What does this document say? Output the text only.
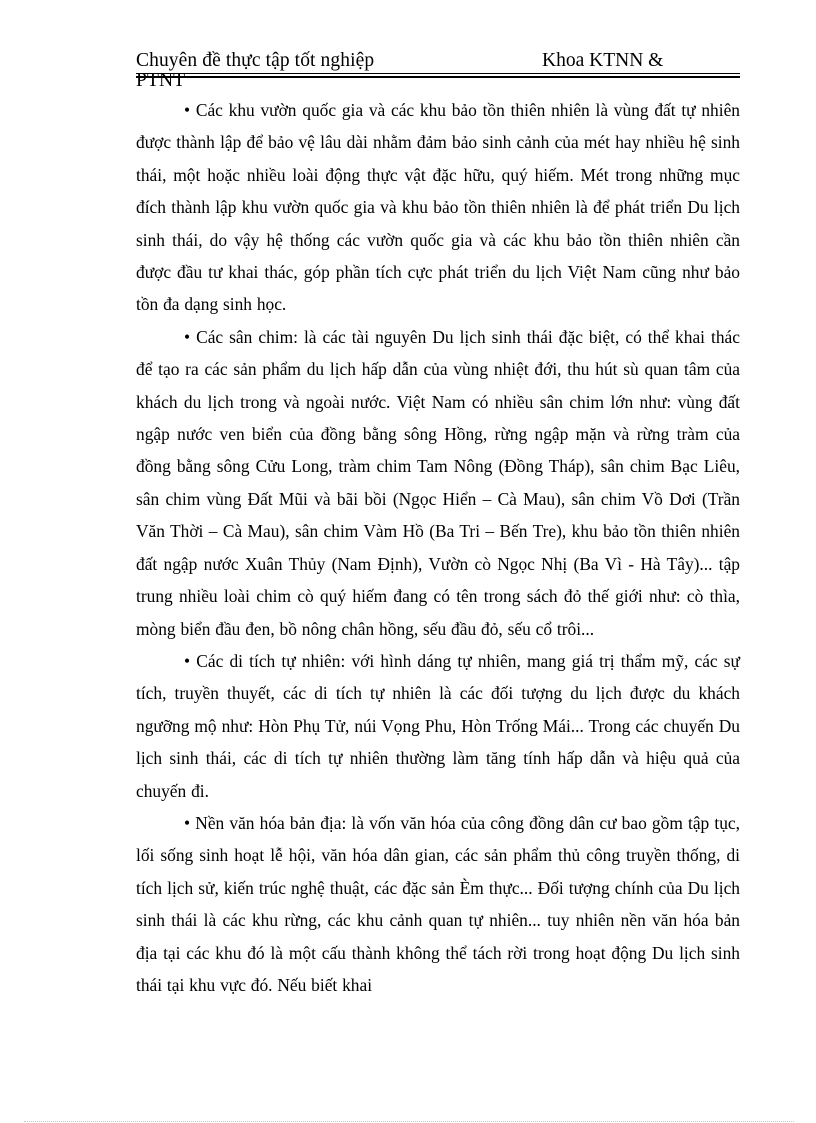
Chuyên đề thực tập tốt nghiệp
PTNT
Khoa KTNN &

• Các khu vườn quốc gia và các khu bảo tồn thiên nhiên là vùng đất tự nhiên được thành lập để bảo vệ lâu dài nhằm đảm bảo sinh cảnh của mét hay nhiều hệ sinh thái, một hoặc nhiều loài động thực vật đặc hữu, quý hiếm. Mét trong những mục đích thành lập khu vườn quốc gia và khu bảo tồn thiên nhiên là để phát triển Du lịch sinh thái, do vậy hệ thống các vườn quốc gia và các khu bảo tồn thiên nhiên cần được đầu tư khai thác, góp phần tích cực phát triển du lịch Việt Nam cũng như bảo tồn đa dạng sinh học.

• Các sân chim: là các tài nguyên Du lịch sinh thái đặc biệt, có thể khai thác để tạo ra các sản phẩm du lịch hấp dẫn của vùng nhiệt đới, thu hút sù quan tâm của khách du lịch trong và ngoài nước. Việt Nam có nhiều sân chim lớn như: vùng đất ngập nước ven biển của đồng bằng sông Hồng, rừng ngập mặn và rừng tràm của đồng bằng sông Cửu Long, tràm chim Tam Nông (Đồng Tháp), sân chim Bạc Liêu, sân chim vùng Đất Mũi và bãi bồi (Ngọc Hiển – Cà Mau), sân chim Vồ Dơi (Trần Văn Thời – Cà Mau), sân chim Vàm Hồ (Ba Tri – Bến Tre), khu bảo tồn thiên nhiên đất ngập nước Xuân Thủy (Nam Định), Vườn cò Ngọc Nhị (Ba Vì - Hà Tây)... tập trung nhiều loài chim cò quý hiếm đang có tên trong sách đỏ thế giới như: cò thìa, mòng biển đầu đen, bồ nông chân hồng, sếu đầu đỏ, sếu cổ trôi...

• Các di tích tự nhiên: với hình dáng tự nhiên, mang giá trị thẩm mỹ, các sự tích, truyền thuyết, các di tích tự nhiên là các đối tượng du lịch được du khách ngưỡng mộ như: Hòn Phụ Tử, núi Vọng Phu, Hòn Trống Mái... Trong các chuyến Du lịch sinh thái, các di tích tự nhiên thường làm tăng tính hấp dẫn và hiệu quả của chuyến đi.

• Nền văn hóa bản địa: là vốn văn hóa của công đồng dân cư bao gồm tập tục, lối sống sinh hoạt lễ hội, văn hóa dân gian, các sản phẩm thủ công truyền thống, di tích lịch sử, kiến trúc nghệ thuật, các đặc sản Èm thực... Đối tượng chính của Du lịch sinh thái là các khu rừng, các khu cảnh quan tự nhiên... tuy nhiên nền văn hóa bản địa tại các khu đó là một cấu thành không thể tách rời trong hoạt động Du lịch sinh thái tại khu vực đó. Nếu biết khai
